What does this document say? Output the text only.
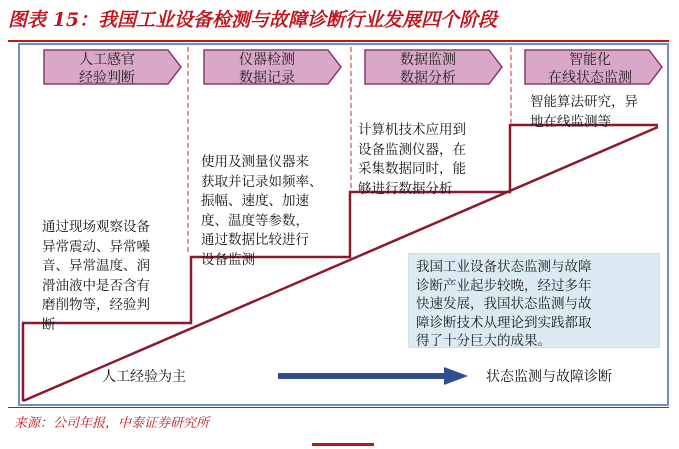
图表 15：我国工业设备检测与故障诊断行业发展四个阶段
人工感官
经验判断
仪器检测
数据记录
数据监测
数据分析
智能化
在线状态监测
通过现场观察设备
异常震动、异常噪
音、异常温度、润
滑油液中是否含有
磨削物等，经验判
断
使用及测量仪器来
获取并记录如频率、
振幅、速度、加速
度、温度等参数，
通过数据比较进行
设备监测
计算机技术应用到
设备监测仪器，在
采集数据同时，能
够进行数据分析
智能算法研究，异
地在线监测等
我国工业设备状态监测与故障
诊断产业起步较晚，经过多年
快速发展，我国状态监测与故
障诊断技术从理论到实践都取
得了十分巨大的成果。
人工经验为主	状态监测与故障诊断
来源：公司年报，中泰证券研究所
